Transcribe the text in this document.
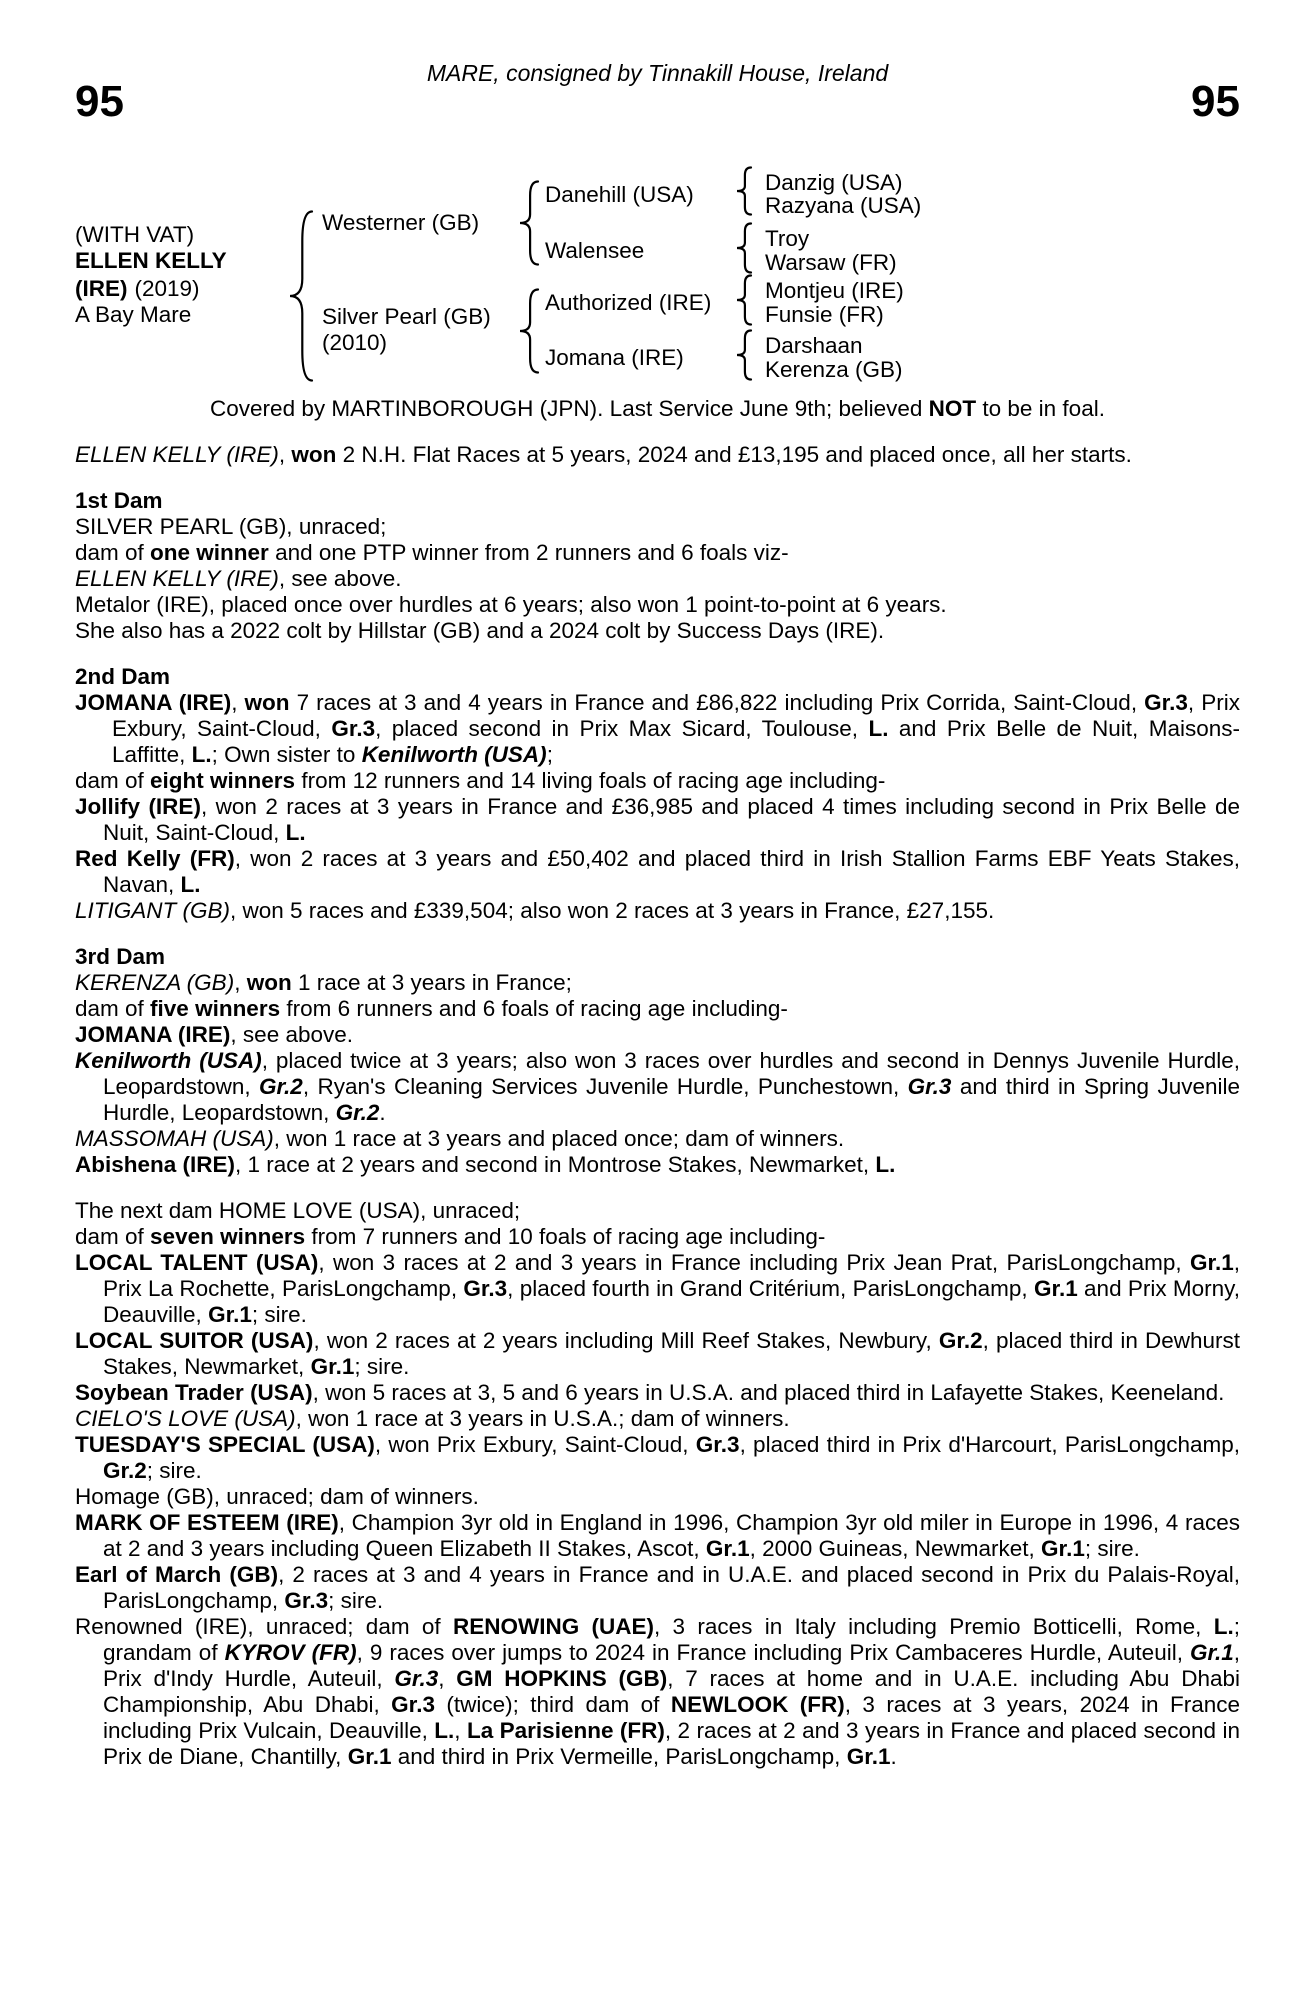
MARE, consigned by Tinnakill House, Ireland
95	95
(WITH VAT)
ELLEN KELLY
(IRE) (2019)
A Bay Mare
Westerner (GB)
Silver Pearl (GB)
(2010)
Danehill (USA)
Walensee
Authorized (IRE)
Jomana (IRE)
Danzig (USA)
Razyana (USA)
Troy
Warsaw (FR)
Montjeu (IRE)
Funsie (FR)
Darshaan
Kerenza (GB)
Covered by MARTINBOROUGH (JPN). Last Service June 9th; believed NOT to be in foal.

ELLEN KELLY (IRE), won 2 N.H. Flat Races at 5 years, 2024 and £13,195 and placed once, all her starts.

1st Dam

SILVER PEARL (GB), unraced;

dam of one winner and one PTP winner from 2 runners and 6 foals viz-

ELLEN KELLY (IRE), see above.

Metalor (IRE), placed once over hurdles at 6 years; also won 1 point-to-point at 6 years.

She also has a 2022 colt by Hillstar (GB) and a 2024 colt by Success Days (IRE).

2nd Dam

JOMANA (IRE), won 7 races at 3 and 4 years in France and £86,822 including Prix Corrida, Saint-Cloud, Gr.3, Prix Exbury, Saint-Cloud, Gr.3, placed second in Prix Max Sicard, Toulouse, L. and Prix Belle de Nuit, Maisons-Laffitte, L.; Own sister to Kenilworth (USA);

dam of eight winners from 12 runners and 14 living foals of racing age including-

Jollify (IRE), won 2 races at 3 years in France and £36,985 and placed 4 times including second in Prix Belle de Nuit, Saint-Cloud, L.

Red Kelly (FR), won 2 races at 3 years and £50,402 and placed third in Irish Stallion Farms EBF Yeats Stakes, Navan, L.

LITIGANT (GB), won 5 races and £339,504; also won 2 races at 3 years in France, £27,155.

3rd Dam

KERENZA (GB), won 1 race at 3 years in France;

dam of five winners from 6 runners and 6 foals of racing age including-

JOMANA (IRE), see above.

Kenilworth (USA), placed twice at 3 years; also won 3 races over hurdles and second in Dennys Juvenile Hurdle, Leopardstown, Gr.2, Ryan's Cleaning Services Juvenile Hurdle, Punchestown, Gr.3 and third in Spring Juvenile Hurdle, Leopardstown, Gr.2.

MASSOMAH (USA), won 1 race at 3 years and placed once; dam of winners.

Abishena (IRE), 1 race at 2 years and second in Montrose Stakes, Newmarket, L.

The next dam HOME LOVE (USA), unraced;

dam of seven winners from 7 runners and 10 foals of racing age including-

LOCAL TALENT (USA), won 3 races at 2 and 3 years in France including Prix Jean Prat, ParisLongchamp, Gr.1, Prix La Rochette, ParisLongchamp, Gr.3, placed fourth in Grand Critérium, ParisLongchamp, Gr.1 and Prix Morny, Deauville, Gr.1; sire.

LOCAL SUITOR (USA), won 2 races at 2 years including Mill Reef Stakes, Newbury, Gr.2, placed third in Dewhurst Stakes, Newmarket, Gr.1; sire.

Soybean Trader (USA), won 5 races at 3, 5 and 6 years in U.S.A. and placed third in Lafayette Stakes, Keeneland.

CIELO'S LOVE (USA), won 1 race at 3 years in U.S.A.; dam of winners.

TUESDAY'S SPECIAL (USA), won Prix Exbury, Saint-Cloud, Gr.3, placed third in Prix d'Harcourt, ParisLongchamp, Gr.2; sire.

Homage (GB), unraced; dam of winners.

MARK OF ESTEEM (IRE), Champion 3yr old in England in 1996, Champion 3yr old miler in Europe in 1996, 4 races at 2 and 3 years including Queen Elizabeth II Stakes, Ascot, Gr.1, 2000 Guineas, Newmarket, Gr.1; sire.

Earl of March (GB), 2 races at 3 and 4 years in France and in U.A.E. and placed second in Prix du Palais-Royal, ParisLongchamp, Gr.3; sire.

Renowned (IRE), unraced; dam of RENOWING (UAE), 3 races in Italy including Premio Botticelli, Rome, L.; grandam of KYROV (FR), 9 races over jumps to 2024 in France including Prix Cambaceres Hurdle, Auteuil, Gr.1, Prix d'Indy Hurdle, Auteuil, Gr.3, GM HOPKINS (GB), 7 races at home and in U.A.E. including Abu Dhabi Championship, Abu Dhabi, Gr.3 (twice); third dam of NEWLOOK (FR), 3 races at 3 years, 2024 in France including Prix Vulcain, Deauville, L., La Parisienne (FR), 2 races at 2 and 3 years in France and placed second in Prix de Diane, Chantilly, Gr.1 and third in Prix Vermeille, ParisLongchamp, Gr.1.
